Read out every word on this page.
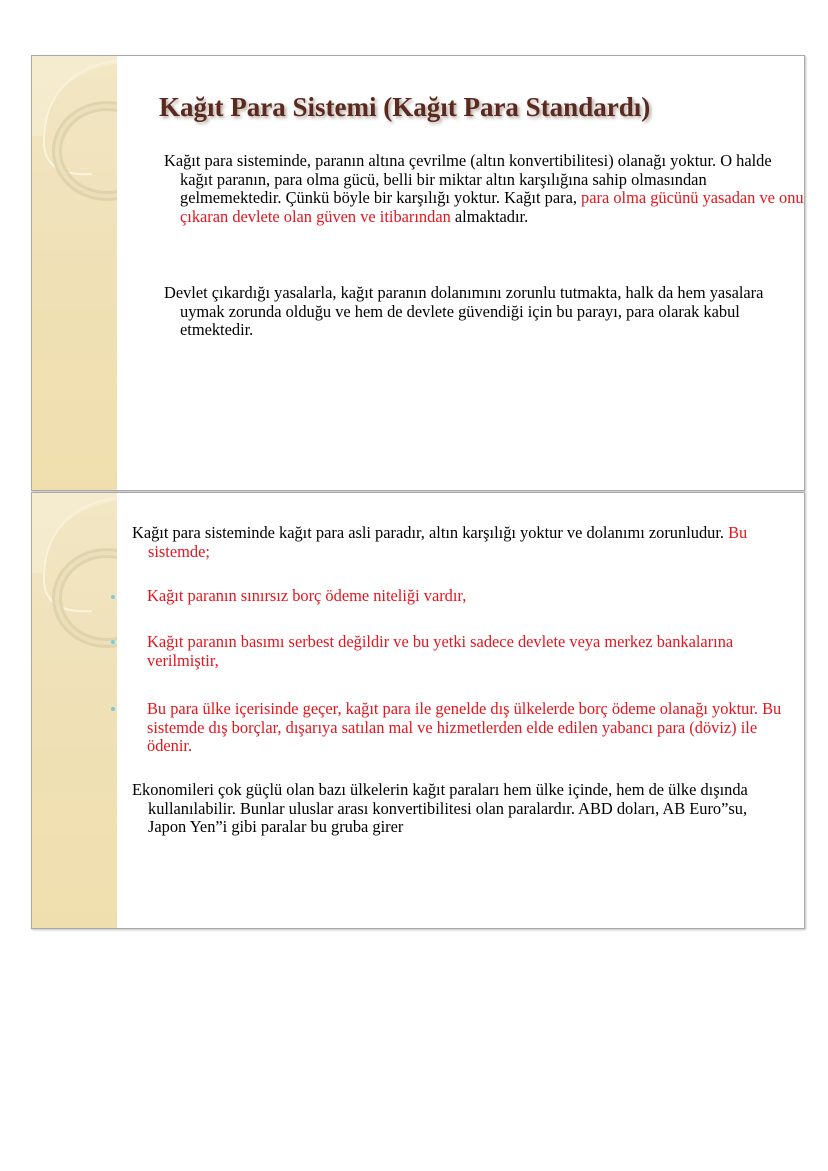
Kağıt Para Sistemi (Kağıt Para Standardı)

Kağıt para sisteminde, paranın altına çevrilme (altın konvertibilitesi) olanağı yoktur. O halde kağıt paranın, para olma gücü, belli bir miktar altın karşılığına sahip olmasından gelmemektedir. Çünkü böyle bir karşılığı yoktur. Kağıt para, para olma gücünü yasadan ve onu çıkaran devlete olan güven ve itibarından almaktadır.

Devlet çıkardığı yasalarla, kağıt paranın dolanımını zorunlu tutmakta, halk da hem yasalara uymak zorunda olduğu ve hem de devlete güvendiği için bu parayı, para olarak kabul etmektedir.

Kağıt para sisteminde kağıt para asli paradır, altın karşılığı yoktur ve dolanımı zorunludur. Bu sistemde;

Kağıt paranın sınırsız borç ödeme niteliği vardır,

Kağıt paranın basımı serbest değildir ve bu yetki sadece devlete veya merkez bankalarına verilmiştir,

Bu para ülke içerisinde geçer, kağıt para ile genelde dış ülkelerde borç ödeme olanağı yoktur. Bu sistemde dış borçlar, dışarıya satılan mal ve hizmetlerden elde edilen yabancı para (döviz) ile ödenir.

Ekonomileri çok güçlü olan bazı ülkelerin kağıt paraları hem ülke içinde, hem de ülke dışında kullanılabilir. Bunlar uluslar arası konvertibilitesi olan paralardır. ABD doları, AB Euro”su, Japon Yen”i gibi paralar bu gruba girer
